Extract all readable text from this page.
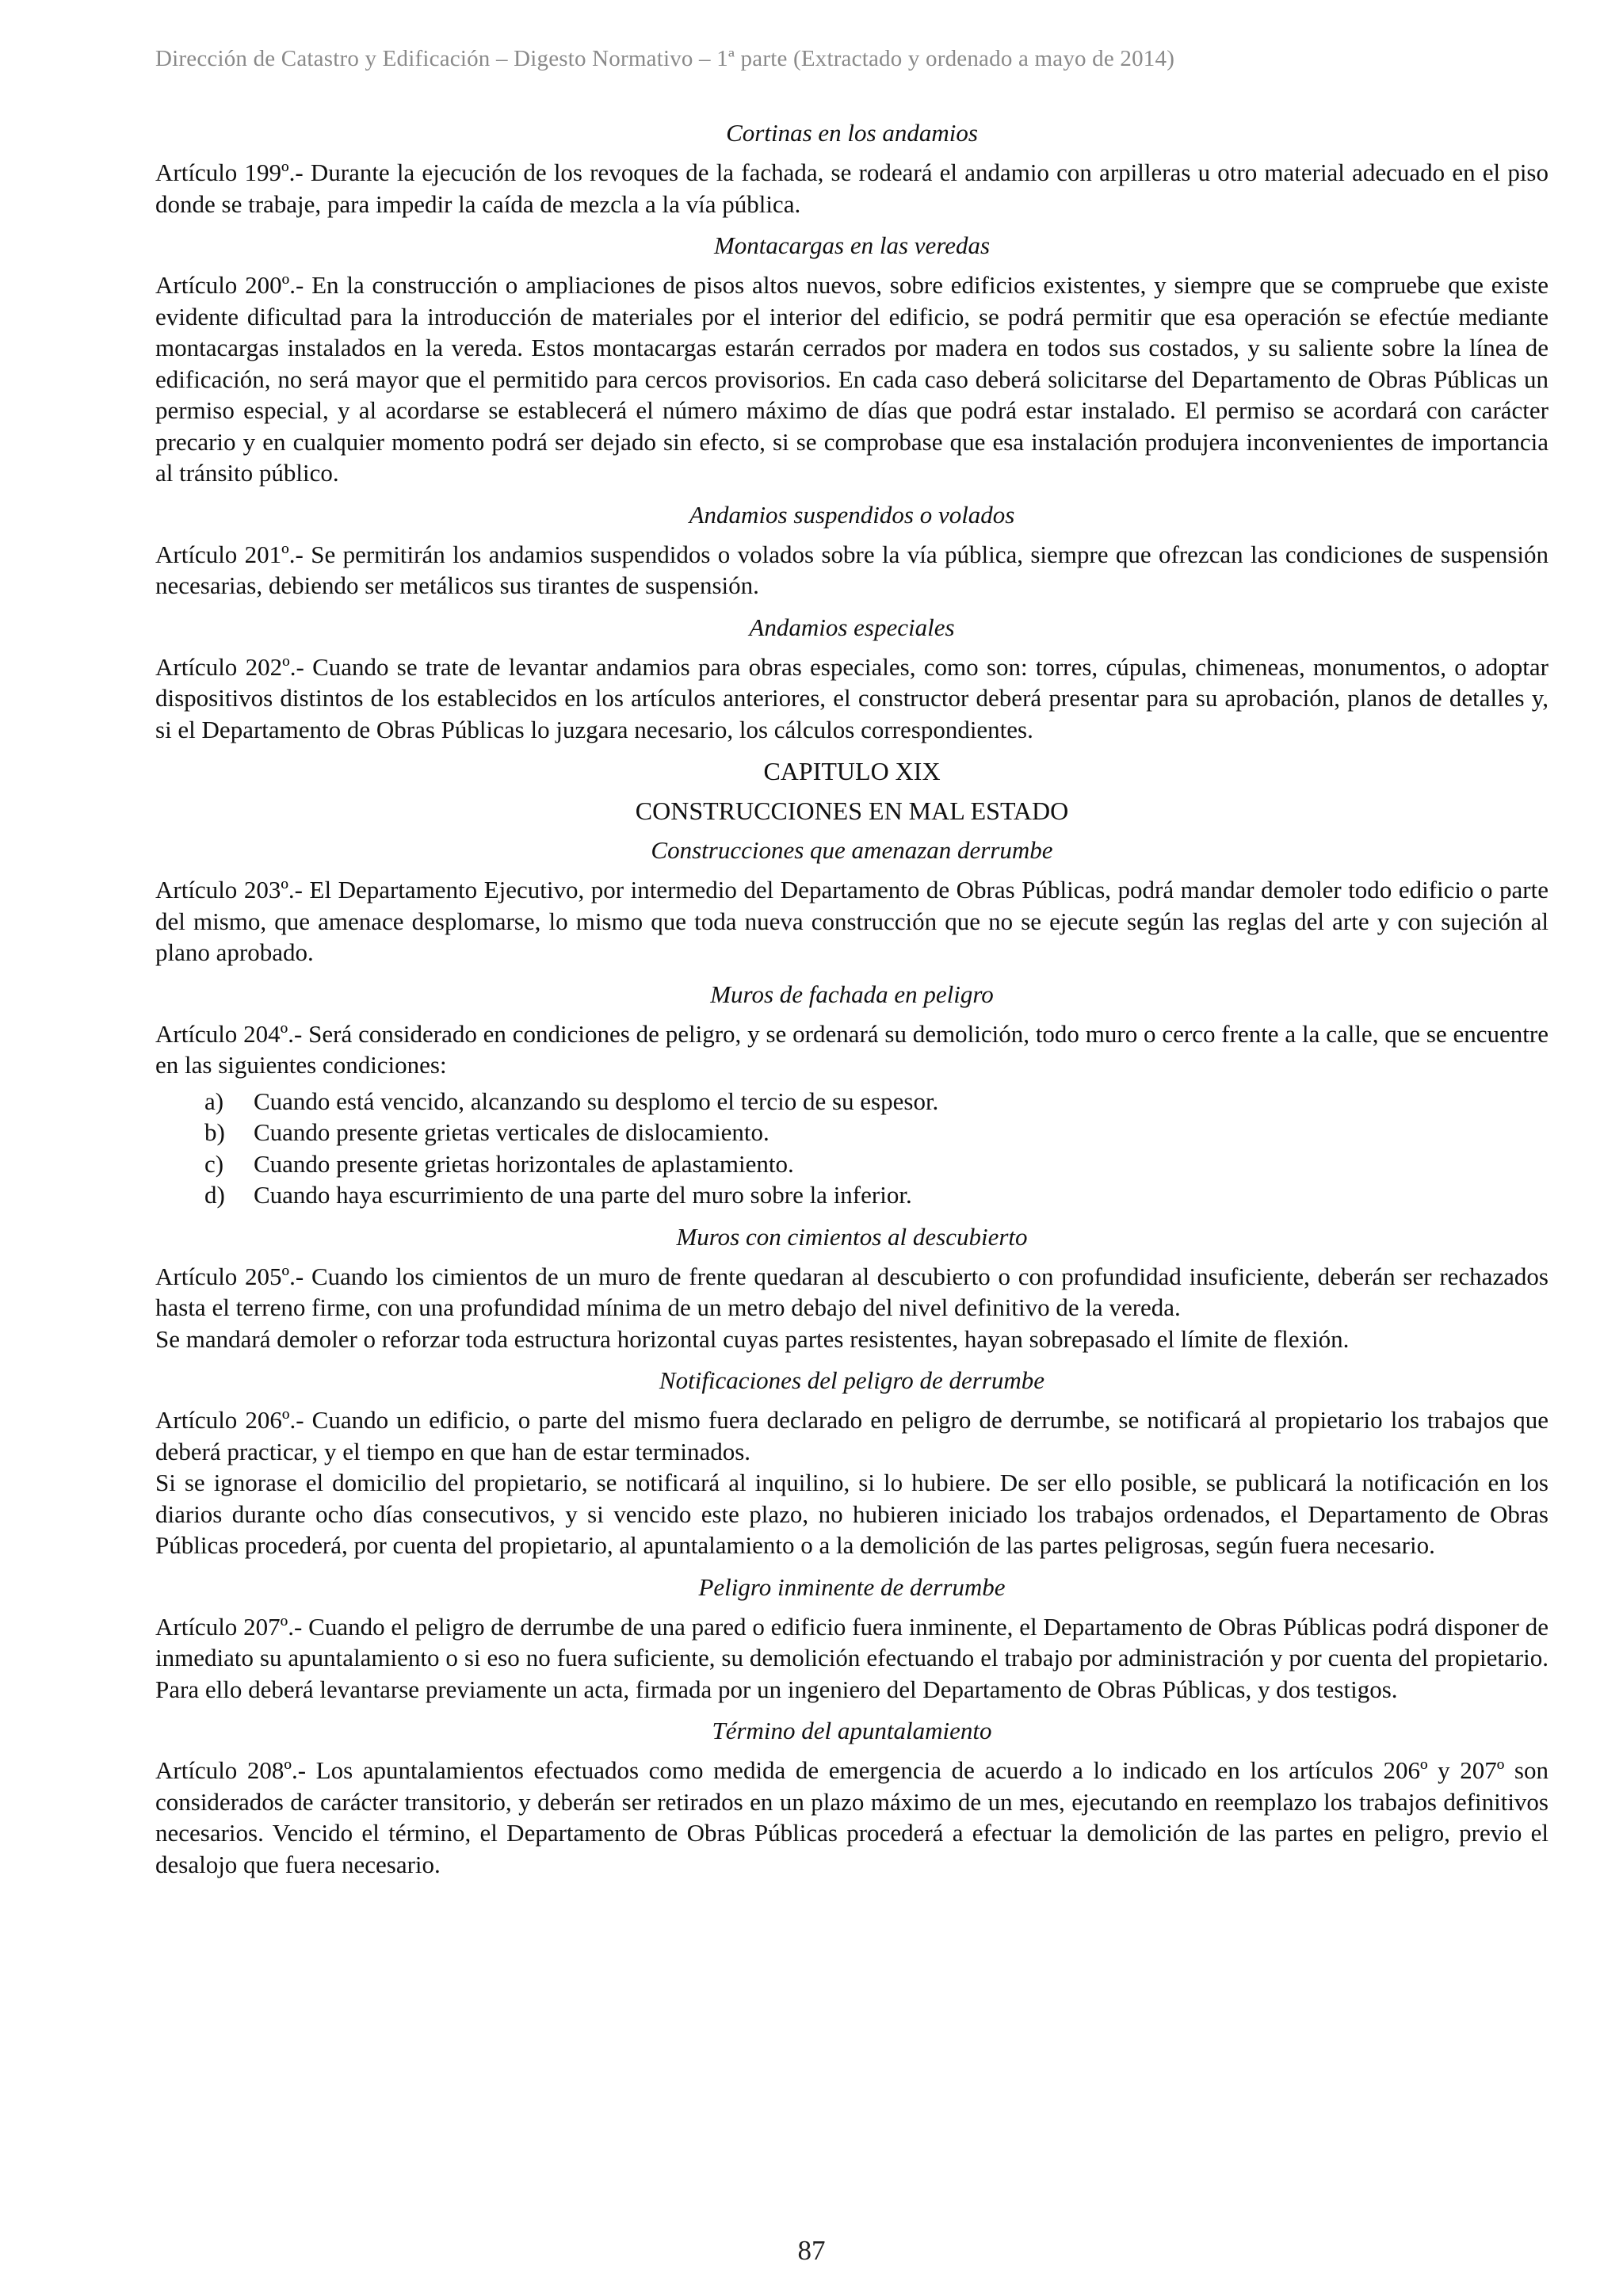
Dirección de Catastro y Edificación – Digesto Normativo – 1ª parte (Extractado y ordenado a mayo de 2014)
Cortinas en los andamios
Artículo 199º.- Durante la ejecución de los revoques de la fachada, se rodeará el andamio con arpilleras u otro material adecuado en el piso donde se trabaje, para impedir la caída de mezcla a la vía pública.
Montacargas en las veredas
Artículo 200º.- En la construcción o ampliaciones de pisos altos nuevos, sobre edificios existentes, y siempre que se compruebe que existe evidente dificultad para la introducción de materiales por el interior del edificio, se podrá permitir que esa operación se efectúe mediante montacargas instalados en la vereda. Estos montacargas estarán cerrados por madera en todos sus costados, y su saliente sobre la línea de edificación, no será mayor que el permitido para cercos provisorios. En cada caso deberá solicitarse del Departamento de Obras Públicas un permiso especial, y al acordarse se establecerá el número máximo de días que podrá estar instalado. El permiso se acordará con carácter precario y en cualquier momento podrá ser dejado sin efecto, si se comprobase que esa instalación produjera inconvenientes de importancia al tránsito público.
Andamios suspendidos o volados
Artículo 201º.- Se permitirán los andamios suspendidos o volados sobre la vía pública, siempre que ofrezcan las condiciones de suspensión necesarias, debiendo ser metálicos sus tirantes de suspensión.
Andamios especiales
Artículo 202º.- Cuando se trate de levantar andamios para obras especiales, como son: torres, cúpulas, chimeneas, monumentos, o adoptar dispositivos distintos de los establecidos en los artículos anteriores, el constructor deberá presentar para su aprobación, planos de detalles y, si el Departamento de Obras Públicas lo juzgara necesario, los cálculos correspondientes.
CAPITULO XIX
CONSTRUCCIONES EN MAL ESTADO
Construcciones que amenazan derrumbe
Artículo 203º.- El Departamento Ejecutivo, por intermedio del Departamento de Obras Públicas, podrá mandar demoler todo edificio o parte del mismo, que amenace desplomarse, lo mismo que toda nueva construcción que no se ejecute según las reglas del arte y con sujeción al plano aprobado.
Muros de fachada en peligro
Artículo 204º.- Será considerado en condiciones de peligro, y se ordenará su demolición, todo muro o cerco frente a la calle, que se encuentre en las siguientes condiciones:
a)	Cuando está vencido, alcanzando su desplomo el tercio de su espesor.
b)	Cuando presente grietas verticales de dislocamiento.
c)	Cuando presente grietas horizontales de aplastamiento.
d)	Cuando haya escurrimiento de una parte del muro sobre la inferior.
Muros con cimientos al descubierto
Artículo 205º.- Cuando los cimientos de un muro de frente quedaran al descubierto o con profundidad insuficiente, deberán ser rechazados hasta el terreno firme, con una profundidad mínima de un metro debajo del nivel definitivo de la vereda.
Se mandará demoler o reforzar toda estructura horizontal cuyas partes resistentes, hayan sobrepasado el límite de flexión.
Notificaciones del peligro de derrumbe
Artículo 206º.- Cuando un edificio, o parte del mismo fuera declarado en peligro de derrumbe, se notificará al propietario los trabajos que deberá practicar, y el tiempo en que han de estar terminados.
Si se ignorase el domicilio del propietario, se notificará al inquilino, si lo hubiere. De ser ello posible, se publicará la notificación en los diarios durante ocho días consecutivos, y si vencido este plazo, no hubieren iniciado los trabajos ordenados, el Departamento de Obras Públicas procederá, por cuenta del propietario, al apuntalamiento o a la demolición de las partes peligrosas, según fuera necesario.
Peligro inminente de derrumbe
Artículo 207º.- Cuando el peligro de derrumbe de una pared o edificio fuera inminente, el Departamento de Obras Públicas podrá disponer de inmediato su apuntalamiento o si eso no fuera suficiente, su demolición efectuando el trabajo por administración y por cuenta del propietario. Para ello deberá levantarse previamente un acta, firmada por un ingeniero del Departamento de Obras Públicas, y dos testigos.
Término del apuntalamiento
Artículo 208º.- Los apuntalamientos efectuados como medida de emergencia de acuerdo a lo indicado en los artículos 206º y 207º son considerados de carácter transitorio, y deberán ser retirados en un plazo máximo de un mes, ejecutando en reemplazo los trabajos definitivos necesarios. Vencido el término, el Departamento de Obras Públicas procederá a efectuar la demolición de las partes en peligro, previo el desalojo que fuera necesario.
87
